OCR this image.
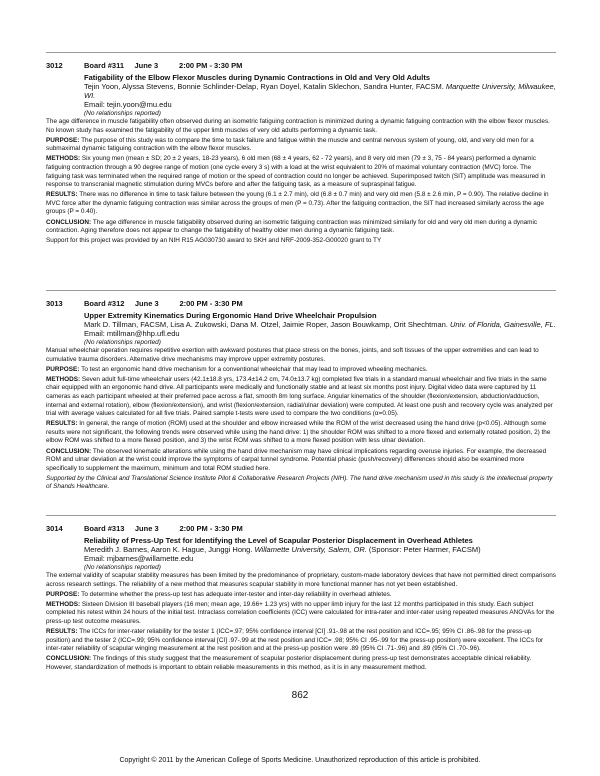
3012	Board #311     June 3          2:00 PM - 3:30 PM
Fatigability of the Elbow Flexor Muscles during Dynamic Contractions in Old and Very Old Adults
Tejin Yoon, Alyssa Stevens, Bonnie Schlinder-Delap, Ryan Doyel, Katalin Sklechon, Sandra Hunter, FACSM. Marquette University, Milwaukee, WI.
Email: tejin.yoon@mu.edu
(No relationships reported)

The age difference in muscle fatigability often observed during an isometric fatiguing contraction is minimized during a dynamic fatiguing contraction with the elbow flexor muscles. No known study has examined the fatigability of the upper limb muscles of very old adults performing a dynamic task.

PURPOSE: The purpose of this study was to compare the time to task failure and fatigue within the muscle and central nervous system of young, old, and very old men for a submaximal dynamic fatiguing contraction with the elbow flexor muscles.

METHODS: Six young men (mean ± SD; 20 ± 2 years, 18-23 years), 6 old men (68 ± 4 years, 62 - 72 years), and 8 very old men (79 ± 3, 75 - 84 years) performed a dynamic fatiguing contraction through a 90 degree range of motion (one cycle every 3 s) with a load at the wrist equivalent to 20% of maximal voluntary contraction (MVC) force. The fatiguing task was terminated when the required range of motion or the speed of contraction could no longer be achieved. Superimposed twitch (SIT) amplitude was measured in response to transcranial magnetic stimulation during MVCs before and after the fatiguing task, as a measure of supraspinal fatigue.

RESULTS: There was no difference in time to task failure between the young (6.1 ± 2.7 min), old (6.8 ± 0.7 min) and very old men (5.8 ± 2.6 min, P = 0.90). The relative decline in MVC force after the dynamic fatiguing contraction was similar across the groups of men (P = 0.73). After the fatiguing contraction, the SIT had increased similarly across the age groups (P = 0.40).

CONCLUSION: The age difference in muscle fatigability observed during an isometric fatiguing contraction was minimized similarly for old and very old men during a dynamic contraction. Aging therefore does not appear to change the fatigability of healthy older men during a dynamic fatiguing task.

Support for this project was provided by an NIH R15 AG030730 award to SKH and NRF-2009-352-G00020 grant to TY

3013	Board #312     June 3          2:00 PM - 3:30 PM
Upper Extremity Kinematics During Ergonomic Hand Drive Wheelchair Propulsion
Mark D. Tillman, FACSM, Lisa A. Zukowski, Dana M. Otzel, Jaimie Roper, Jason Bouwkamp, Orit Shechtman. Univ. of Florida, Gainesville, FL.
Email: mtillman@hhp.ufl.edu
(No relationships reported)

Manual wheelchair operation requires repetitive exertion with awkward postures that place stress on the bones, joints, and soft tissues of the upper extremities and can lead to cumulative trauma disorders. Alternative drive mechanisms may improve upper extremity postures.

PURPOSE: To test an ergonomic hand drive mechanism for a conventional wheelchair that may lead to improved wheeling mechanics.

METHODS: Seven adult full-time wheelchair users (42.1±18.8 yrs, 173.4±14.2 cm, 74.0±13.7 kg) completed five trials in a standard manual wheelchair and five trials in the same chair equipped with an ergonomic hand drive. All participants were medically and functionally stable and at least six months post injury. Digital video data were captured by 11 cameras as each participant wheeled at their preferred pace across a flat, smooth 8m long surface. Angular kinematics of the shoulder (flexion/extension, abduction/adduction, internal and external rotation), elbow (flexion/extension), and wrist (flexion/extension, radial/ulnar deviation) were computed. At least one push and recovery cycle was analyzed per trial with average values calculated for all five trials. Paired sample t-tests were used to compare the two conditions (α=0.05).

RESULTS: In general, the range of motion (ROM) used at the shoulder and elbow increased while the ROM of the wrist decreased using the hand drive (p<0.05). Although some results were not significant, the following trends were observed while using the hand drive: 1) the shoulder ROM was shifted to a more flexed and externally rotated position, 2) the elbow ROM was shifted to a more flexed position, and 3) the wrist ROM was shifted to a more flexed position with less ulnar deviation.

CONCLUSION: The observed kinematic alterations while using the hand drive mechanism may have clinical implications regarding overuse injuries. For example, the decreased ROM and ulnar deviation at the wrist could improve the symptoms of carpal tunnel syndrome. Potential phasic (push/recovery) differences should also be examined more specifically to supplement the maximum, minimum and total ROM studied here.

Supported by the Clinical and Translational Science Institute Pilot & Collaborative Research Projects (NIH). The hand drive mechanism used in this study is the intellectual property of Shands Healthcare.

3014	Board #313     June 3          2:00 PM - 3:30 PM
Reliability of Press-Up Test for Identifying the Level of Scapular Posterior Displacement in Overhead Athletes
Meredith J. Barnes, Aaron K. Hague, Junggi Hong. Willamette University, Salem, OR. (Sponsor: Peter Harmer, FACSM)
Email: mjbarnes@willamette.edu
(No relationships reported)

The external validity of scapular stability measures has been limited by the predominance of proprietary, custom-made laboratory devices that have not permitted direct comparisons across research settings. The reliability of a new method that measures scapular stability in more functional manner has not yet been established.

PURPOSE: To determine whether the press-up test has adequate inter-tester and inter-day reliability in overhead athletes.

METHODS: Sixteen Division III baseball players (16 men; mean age, 19.66+ 1.23 yrs) with no upper limb injury for the last 12 months participated in this study. Each subject completed his retest within 24 hours of the initial test. Intraclass correlation coefficients (ICC) were calculated for intra-rater and inter-rater using repeated measures ANOVAs for the press-up test outcome measures.

RESULTS: The ICCs for inter-rater reliability for the tester 1 (ICC=.97; 95% confidence interval [CI] .91-.98 at the rest position and ICC=.95; 95% CI .86-.98 for the press-up position) and the tester 2 (ICC=.99; 95% confidence interval [CI] .97-.99 at the rest position and ICC= .98; 95% CI .95-.99 for the press-up position) were excellent. The ICCs for inter-rater reliability of scapular winging measurement at the rest position and at the press-up position were .89 (95% CI .71-.96) and .89 (95% CI .70-.96).

CONCLUSION: The findings of this study suggest that the measurement of scapular posterior displacement during press-up test demonstrates acceptable clinical reliability. However, standardization of methods is important to obtain reliable measurements in this method, as it is in any measurement method.

862
Copyright © 2011 by the American College of Sports Medicine. Unauthorized reproduction of this article is prohibited.
